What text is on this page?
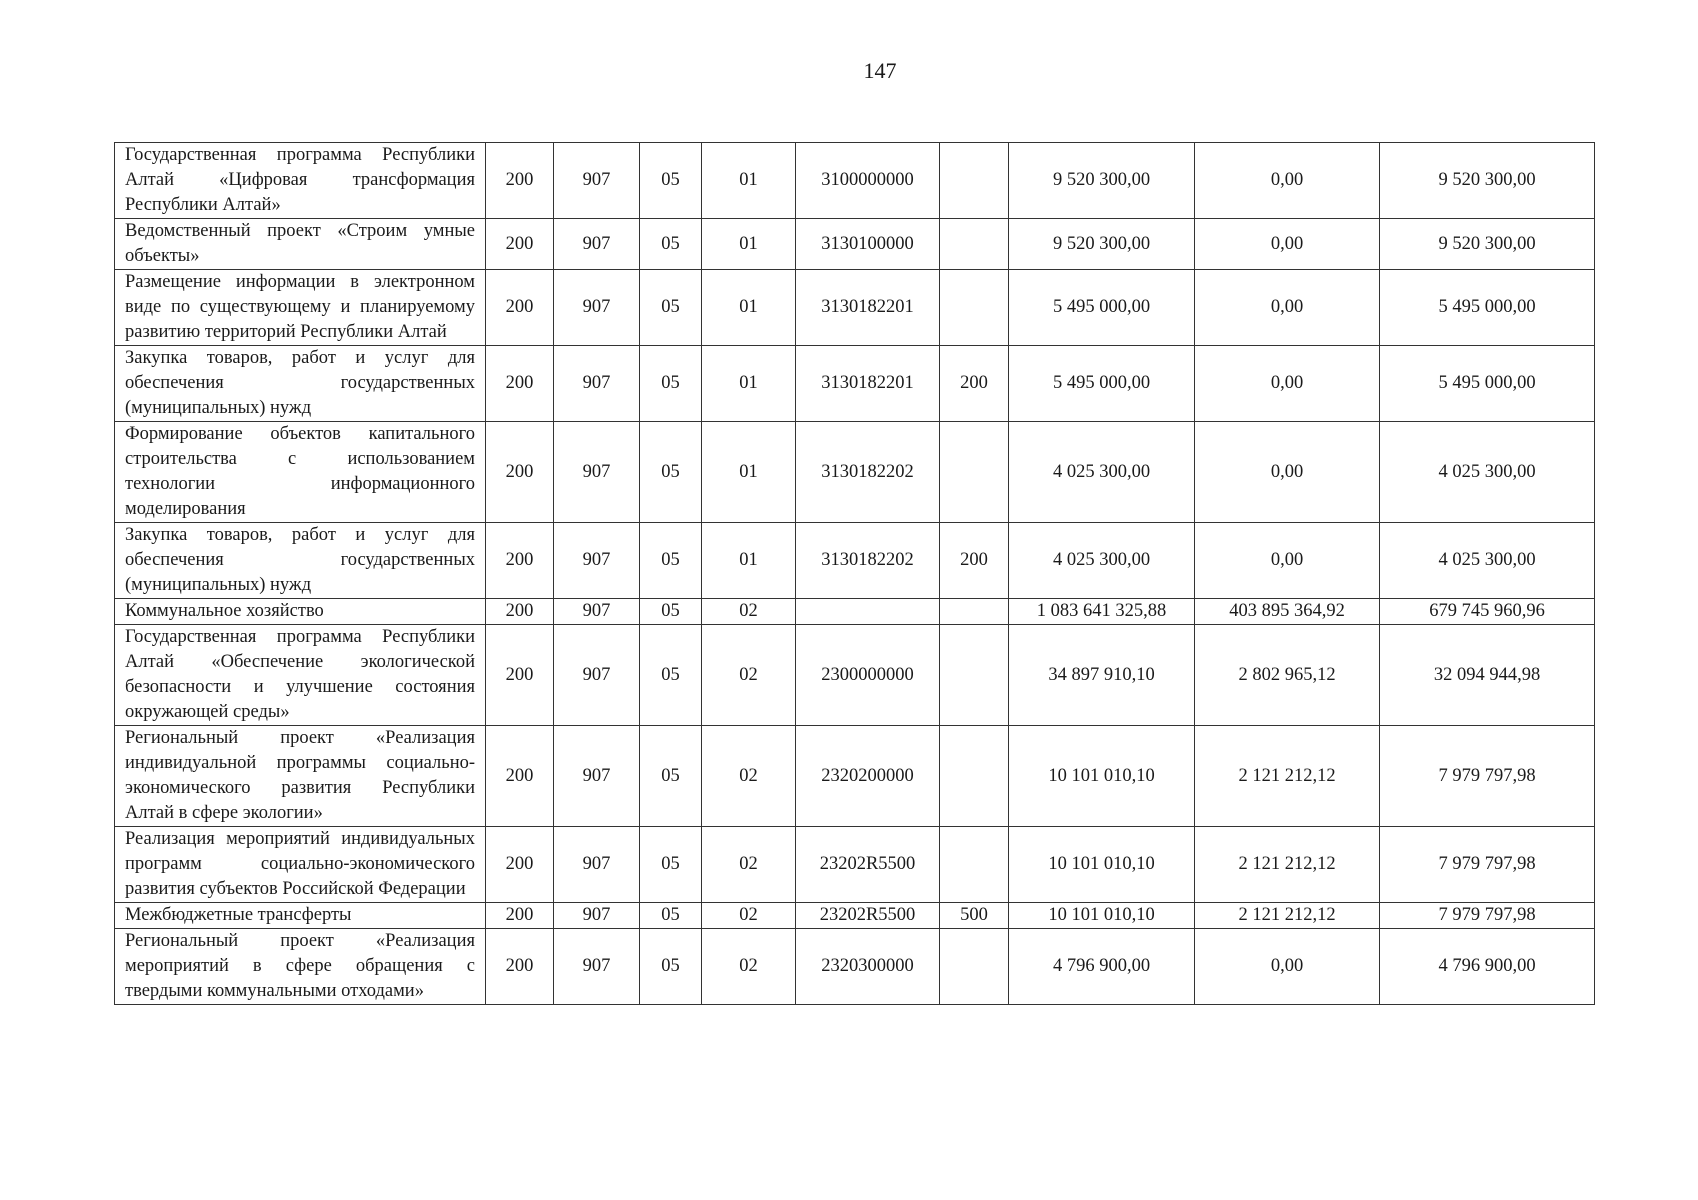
147
Государственная программа Республики Алтай «Цифровая трансформация Республики Алтай»	200	907	05	01	3100000000		9 520 300,00	0,00	9 520 300,00
Ведомственный проект «Строим умные объекты»	200	907	05	01	3130100000		9 520 300,00	0,00	9 520 300,00
Размещение информации в электронном виде по существующему и планируемому развитию территорий Республики Алтай	200	907	05	01	3130182201		5 495 000,00	0,00	5 495 000,00
Закупка товаров, работ и услуг для обеспечения государственных (муниципальных) нужд	200	907	05	01	3130182201	200	5 495 000,00	0,00	5 495 000,00
Формирование объектов капитального строительства с использованием технологии информационного моделирования	200	907	05	01	3130182202		4 025 300,00	0,00	4 025 300,00
Закупка товаров, работ и услуг для обеспечения государственных (муниципальных) нужд	200	907	05	01	3130182202	200	4 025 300,00	0,00	4 025 300,00
Коммунальное хозяйство	200	907	05	02			1 083 641 325,88	403 895 364,92	679 745 960,96
Государственная программа Республики Алтай «Обеспечение экологической безопасности и улучшение состояния окружающей среды»	200	907	05	02	2300000000		34 897 910,10	2 802 965,12	32 094 944,98
Региональный проект «Реализация индивидуальной программы социально-экономического развития Республики Алтай в сфере экологии»	200	907	05	02	2320200000		10 101 010,10	2 121 212,12	7 979 797,98
Реализация мероприятий индивидуальных программ социально-экономического развития субъектов Российской Федерации	200	907	05	02	23202R5500		10 101 010,10	2 121 212,12	7 979 797,98
Межбюджетные трансферты	200	907	05	02	23202R5500	500	10 101 010,10	2 121 212,12	7 979 797,98
Региональный проект «Реализация мероприятий в сфере обращения с твердыми коммунальными отходами»	200	907	05	02	2320300000		4 796 900,00	0,00	4 796 900,00
